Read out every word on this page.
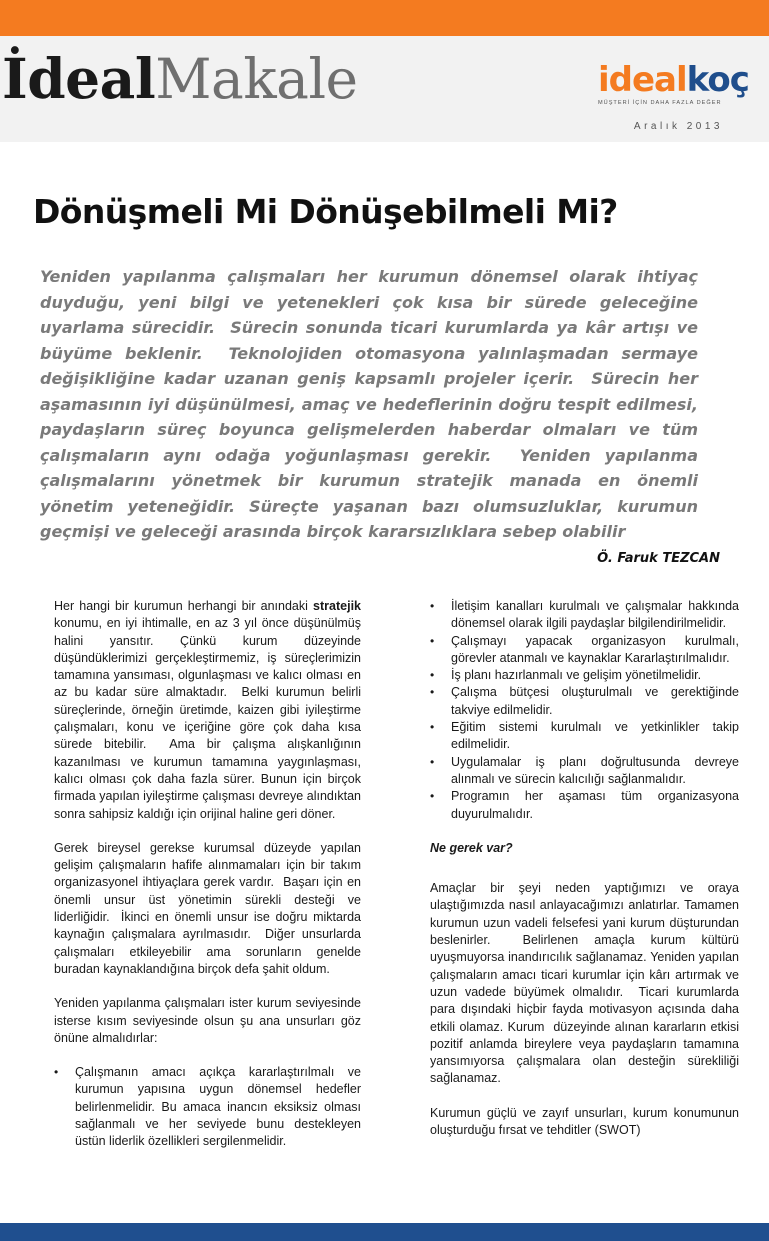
İdealMakale	idealkoç
MÜŞTERİ İÇİN DAHA FAZLA DEĞER
Aralık 2013
Dönüşmeli Mi Dönüşebilmeli Mi?
Yeniden yapılanma çalışmaları her kurumun dönemsel olarak ihtiyaç duyduğu, yeni bilgi ve yetenekleri çok kısa bir sürede geleceğine uyarlama sürecidir.  Sürecin sonunda ticari kurumlarda ya kâr artışı ve büyüme beklenir.  Teknolojiden otomasyona yalınlaşmadan sermaye değişikliğine kadar uzanan geniş kapsamlı projeler içerir.  Sürecin her aşamasının iyi düşünülmesi, amaç ve hedeflerinin doğru tespit edilmesi, paydaşların süreç boyunca gelişmelerden haberdar olmaları ve tüm çalışmaların aynı odağa yoğunlaşması gerekir.  Yeniden yapılanma çalışmalarını yönetmek bir kurumun stratejik manada en önemli yönetim yeteneğidir. Süreçte yaşanan bazı olumsuzluklar, kurumun geçmişi ve geleceği arasında birçok kararsızlıklara sebep olabilir
Ö. Faruk TEZCAN

Her hangi bir kurumun herhangi bir anındaki stratejik konumu, en iyi ihtimalle, en az 3 yıl önce düşünülmüş halini yansıtır. Çünkü kurum düzeyinde düşündüklerimizi gerçekleştirmemiz, iş süreçlerimizin tamamına yansıması, olgunlaşması ve kalıcı olması en az bu kadar süre almaktadır.  Belki kurumun belirli süreçlerinde, örneğin üretimde, kaizen gibi iyileştirme çalışmaları, konu ve içeriğine göre çok daha kısa sürede bitebilir.  Ama bir çalışma alışkanlığının kazanılması ve kurumun tamamına yaygınlaşması, kalıcı olması çok daha fazla sürer. Bunun için birçok firmada yapılan iyileştirme çalışması devreye alındıktan sonra sahipsiz kaldığı için orijinal haline geri döner.

Gerek bireysel gerekse kurumsal düzeyde yapılan gelişim çalışmaların hafife alınmamaları için bir takım organizasyonel ihtiyaçlara gerek vardır.  Başarı için en önemli unsur üst yönetimin sürekli desteği ve liderliğidir.  İkinci en önemli unsur ise doğru miktarda kaynağın çalışmalara ayrılmasıdır.  Diğer unsurlarda çalışmaları etkileyebilir ama sorunların genelde buradan kaynaklandığına birçok defa şahit oldum.

Yeniden yapılanma çalışmaları ister kurum seviyesinde isterse kısım seviyesinde olsun şu ana unsurları göz önüne almalıdırlar:

• Çalışmanın amacı açıkça kararlaştırılmalı ve kurumun yapısına uygun dönemsel hedefler belirlenmelidir. Bu amaca inancın eksiksiz olması sağlanmalı ve her seviyede bunu destekleyen üstün liderlik özellikleri sergilenmelidir.
• İletişim kanalları kurulmalı ve çalışmalar hakkında dönemsel olarak ilgili paydaşlar bilgilendirilmelidir.
• Çalışmayı yapacak organizasyon kurulmalı, görevler atanmalı ve kaynaklar Kararlaştırılmalıdır.
• İş planı hazırlanmalı ve gelişim yönetilmelidir.
• Çalışma bütçesi oluşturulmalı ve gerektiğinde takviye edilmelidir.
• Eğitim sistemi kurulmalı ve yetkinlikler takip edilmelidir.
• Uygulamalar iş planı doğrultusunda devreye alınmalı ve sürecin kalıcılığı sağlanmalıdır.
• Programın her aşaması tüm organizasyona duyurulmalıdır.
Ne gerek var?

Amaçlar bir şeyi neden yaptığımızı ve oraya ulaştığımızda nasıl anlayacağımızı anlatırlar. Tamamen kurumun uzun vadeli felsefesi yani kurum düşturundan beslenirler.  Belirlenen amaçla kurum kültürü uyuşmuyorsa inandırıcılık sağlanamaz. Yeniden yapılan çalışmaların amacı ticari kurumlar için kârı artırmak ve uzun vadede büyümek olmalıdır.  Ticari kurumlarda para dışındaki hiçbir fayda motivasyon açısında daha etkili olamaz. Kurum  düzeyinde alınan kararların etkisi pozitif anlamda bireylere veya paydaşların tamamına yansımıyorsa çalışmalara olan desteğin sürekliliği sağlanamaz.

Kurumun güçlü ve zayıf unsurları, kurum konumunun oluşturduğu fırsat ve tehditler (SWOT)
